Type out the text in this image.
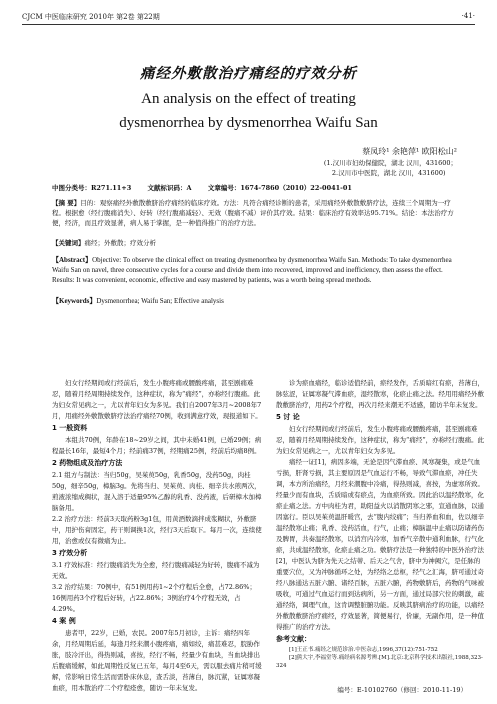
CJCM 中医临床研究 2010年 第2卷 第22期	·41·
痛经外敷散治疗痛经的疗效分析
An analysis on the effect of treating
dysmenorrhea by dysmenorrhea Waifu San
蔡凤玲¹ 余艳萍¹ 欧阳松山²
(1.汉川市妇幼保健院，湖北 汉川，431600；
2.汉川市中医院，湖北 汉川，431600)
中图分类号：R271.11+3	文献标识码：A	文章编号：1674-7860（2010）22-0041-01
【摘 要】目的：观察痛经外敷散敷脐治疗痛经的临床疗效。方法：凡符合痛经诊断的患者，采用痛经外敷散敷脐疗法，连续三个周期为一疗程。根据愈（经行腹痛消失）、好转（经行腹痛减轻）、无效（腹痛不减）评价其疗效。结果：临床治疗有效率达95.71%。结论：本法治疗方便，经济，而且疗效显著，病人易于掌握，是一种值得推广的治疗方法。
【关键词】痛经；外敷散；疗效分析
【Abstract】Objective: To observe the clinical effect on treating dysmenorrhea by dysmenorrhea Waifu San. Methods: To take dysmenorrhea Waifu San on navel, three consecutive cycles for a course and divide them into recovered, improved and inefficiency, then assess the effect. Results: It was convenient, economic, effective and easy mastered by patients, was a worth being spread methods.
【Keywords】Dysmenorrhea; Waifu San; Effective analysis

妇女行经期间或行经前后，发生小腹疼痛或腰酸疼痛，甚至剧痛难忍，随着月经周期持续发作，这种症状，称为“痛经”，亦称经行腹痛。此为妇女常见病之一，尤以青年妇女为多见。我们自2007年3月~2008年7月，用痛经外敷散敷脐疗法治疗痛经70例，收到满意疗效，现报道如下。

1 一般资料

本组共70例，年龄在18~29岁之间，其中未婚41例，已婚29例；病程最长16年，最短4个月；经前痛37例，经期痛25例，经前后均痛8例。

2 药物组成及治疗方法
2.1 组方与制法：当归50g，吴茱萸50g，乳香50g，没药50g，肉桂50g，细辛50g，樟脑3g。先将当归、吴茱萸、肉桂、细辛共水煎两次，煎液浓缩成稠状，混入溶于适量95%乙醇的乳香、没药液，后研樟木加樟脑备用。
2.2 治疗方法：经前3天取药粉3g1包，用黄酒数滴拌成浆糊状，外敷脐中，用护伤膏固定，药干则调换1次，经行3天后取下。每月一次，连续使用，治愈或仅有微痛为止。
3 疗效分析
3.1 疗效标准：经行腹痛消失为全愈，经行腹痛减轻为好转，腹痛不减为无效。
3.2 治疗结果：70例中，有51例用药1~2个疗程后全愈，占72.86%；16例用药3个疗程后好转，占22.86%；3例治疗4个疗程无效，占4.29%。
4 案 例

患者甲，22岁，已婚，农民。2007年5月初诊，主诉：痛经四年余，月经周期后延，每逢月经来潮小腹疼痛，痛如绞，痛甚难忍，脘胁作胀，肢冷汗出，得热则减，喜按，经行不畅，经量少有血块，当血块排出后腹痛缓解，如此周期性反复已五年，每月4至6天，需以服去痛片稍可缓解，常影响日常生活而需卧床休息，查舌淡，苔薄白，脉沉紧，证属寒凝血瘀，用本散治疗二个疗程痊愈，随访一年未复发。

诊为瘀血痛经，临诊适值经前，瘀经发作，舌质暗红有瘀，苔薄白，脉弦涩，证属寒凝气滞血瘀，湿经散寒，化瘀止痛之法。经用用痛经外敷散敷脐治疗，用药2个疗程，再次月经来潮无不适感，随访半年未复发。

5 讨 论

妇女行经期间或行经前后，发生小腹疼痛或腰酸疼痛，甚至剧痛难忍，随着月经周期持续发作，这种症状，称为“痛经”，亦称经行腹痛。此为妇女常见病之一，尤以青年妇女为多见。

痛经一证[1]，病因多端，无论是因气滞血瘀、风寒凝集，或是气血亏损，肝肾亏损，其主要原因是气血运行不畅，导致气滞血瘀，冲任失调，本方所治痛经，月经来潮腹中冷痛，得热则减，喜按，为虚寒所致。经量少而有血块，舌质暗或有瘀点，为血瘀所致。因此治以温经散寒，化瘀止痛之法。方中肉桂为君，助阳益火以消散阴寒之邪，宣通血脉，以通因塞行。臣以吴茱萸温肝暖宫，去“腹内绞痛”；当归养血和血，佐以细辛温经散寒止痛；乳香、没药活血，行气，止痛；樟脑温中止痛以防诸药伤及脾胃，共奏温经散寒，以消宫内冷寒，加香气辛散中通利血脉，行气化瘀，共成温经散寒，化瘀止痛之功。敷脐疗法是一种独特的中医外治疗法[2]，中医认为脐为先天之结蒂、后天之气舍，脐中为神阙穴，是任脉的重要穴位，又为冲脉循环之处，为经络之总枢，经气之汇海，脐可通过奇经八脉通达五脏六腑、诸经百脉，五脏六腑，药物敷脐后，药物的气味被吸收，可通过气血运行而到达病所，另一方面，通过局部穴位的刺激，疏通经络，调理气血，这肯调整脏腑功能。反映其脐病治疗的功能，以痛经外敷散敷脐治疗痛经，疗效显著，简便易行，价廉，无副作用，是一种值得推广的治疗方法。

参考文献：

[1]王正书.痛经之规范诊治.中医杂志,1996,37(12):751-752

[2]熊大宇,李福堂等.痛经病名源考辨.[M].北京:北京科学技术出版社,1988,323-324

编号：E-10102760（修回：2010-11-19）
